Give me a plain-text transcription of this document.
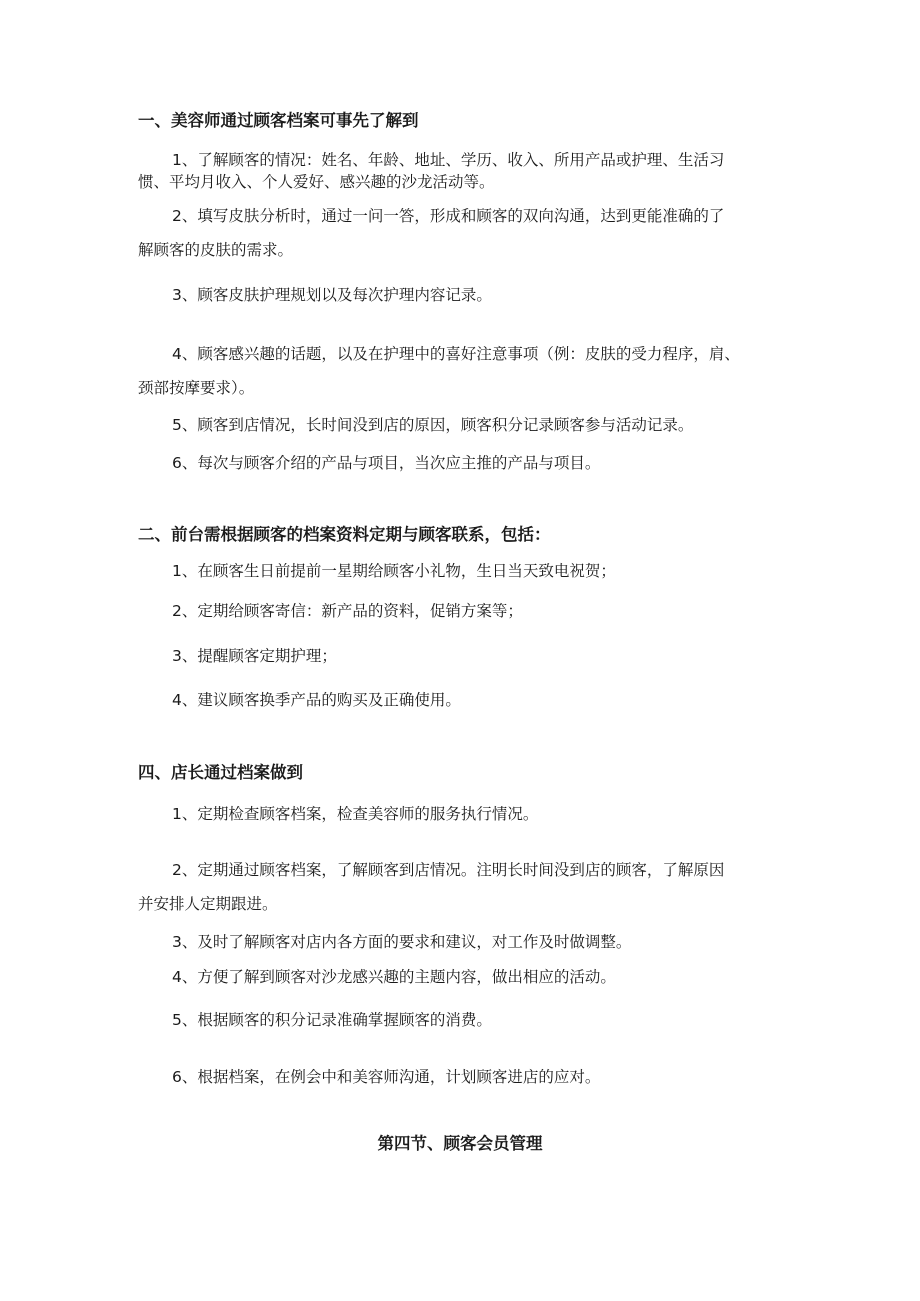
一、美容师通过顾客档案可事先了解到
1、了解顾客的情况：姓名、年龄、地址、学历、收入、所用产品或护理、生活习
惯、平均月收入、个人爱好、感兴趣的沙龙活动等。
2、填写皮肤分析时，通过一问一答，形成和顾客的双向沟通，达到更能准确的了
解顾客的皮肤的需求。
3、顾客皮肤护理规划以及每次护理内容记录。
4、顾客感兴趣的话题，以及在护理中的喜好注意事项（例：皮肤的受力程序，肩、
颈部按摩要求）。
5、顾客到店情况，长时间没到店的原因，顾客积分记录顾客参与活动记录。
6、每次与顾客介绍的产品与项目，当次应主推的产品与项目。
二、前台需根据顾客的档案资料定期与顾客联系，包括：
1、在顾客生日前提前一星期给顾客小礼物，生日当天致电祝贺；
2、定期给顾客寄信：新产品的资料，促销方案等；
3、提醒顾客定期护理；
4、建议顾客换季产品的购买及正确使用。
四、店长通过档案做到
1、定期检查顾客档案，检查美容师的服务执行情况。
2、定期通过顾客档案，了解顾客到店情况。注明长时间没到店的顾客，了解原因
并安排人定期跟进。
3、及时了解顾客对店内各方面的要求和建议，对工作及时做调整。
4、方便了解到顾客对沙龙感兴趣的主题内容，做出相应的活动。
5、根据顾客的积分记录准确掌握顾客的消费。
6、根据档案，在例会中和美容师沟通，计划顾客进店的应对。
第四节、顾客会员管理
